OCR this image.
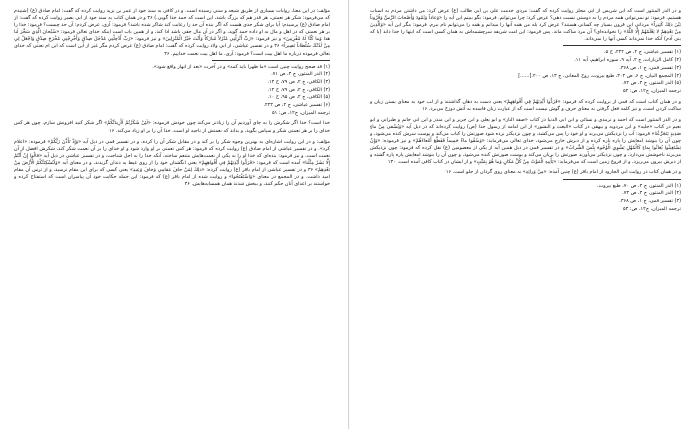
مؤلف: در این معنا، روایات بسیاری از طریق شیعه و سنی رسیده است. و در کافی به سند خود از عمر بن یزید روایت کرده که گفت: امام صادق (ع) (شنیدم که می‌فرمود: شکر هر نعمتی، هر قدر هم که بزرگ باشد، این است که حمد خدا گویی.) ۳۶ و در همان کتاب به سند خود از ابی بصیر روایت کرده که گفت: از امام صادق (ع) پرسیدم: آیا برای شکر حدی هست که اگر بنده آن حد را رعایت کند شاکر شده باشد؟ فرمود: آری، عرض کردم: آن حد چیست؟ فرمود: خدا را بر هر نعمتی که در اهل و مال به او داده حمد گوید، و اگر در آن مال حقی باشد ادا کند، و از همین باب است اینکه خدای تعالی فرمود: «سُبْحانَ الَّذِي سَخَّرَ لَنا هذا وَما كُنَّا لَهُ مُقْرِنِينَ» و نیز فرمود: «رَبِّ أَنْزِلْنِي مُنْزَلاً مُبارَكاً وَأَنْتَ خَيْرُ الْمُنْزِلِينَ» و نیز فرمود: «رَبِّ أَدْخِلْنِي مُدْخَلَ صِدْقٍ وَأَخْرِجْنِي مُخْرَجَ صِدْقٍ وَاجْعَلْ لِي مِنْ لَدُنْكَ سُلْطاناً نَصِيراً» ۳۶ و در تفسیر عیاشی، از ابی ولاد روایت کرده که گفت: امام صادق (ع) عرض کردم مگر غیر از این است که ابن ام تعنتی که خدای تعالی فرموده درباره ما اهل بیت است؟ فرمود: آری، ما اهل بیت نعمت خداییم. ۳۶

(۱) قد صحح روایت چنین است «ما ظهرا باید کمه» و در آخرت «بعد از انهار واقع شود».
(۲) الدر المنثور، ج ۴، ص ۷۱.
(۳) الکافی، ج ۲، ص ۷۹، ح ۱۴.
(۴) الکافی، ج ۲، ص ۷۹، ح ۱۲.
(۵) الکافی، ج ۲، ص ۹۵، ح ۱۰.
(۶) تفسیر عیاشی، ج ۲، ص ۲۲۳.
ترجمه المیزان، ج۱۲، ص: ۵۱

خدا است؟ خدا اگر شکرش را به جای آوردیم آن را زیادتر می‌کند چون خودش فرموده: «لَئِنْ شَكَرْتُمْ لَأَزِيدَنَّكُمْ» اگر شکر کنید افزونش سازم. چون هر کس خدای را بر هر نعمتی شکر و سپاس بگوید، و بداند که نعمتش از ناحیه او است، خدا آن را بر او زیاد می‌کند. ۱۶

مؤلف: و در این روایت اشاره‌ای به بهترین وجوه شکر را بر کند و در مقابل شکر آن را کرده، و در تفسیر قمی در ذیل آیه «وَإِذْ تَأَذَّنَ رَبُّكُمْ» فرموده: «اعلام کرد». و در تفسیر عیاشی از امام صادق (ع) روایت کرده که فرمود: هر کس نعمتی بر او وارد شود و او خدای را بر آن نعمت شکر کند، شکرش افضل از آن نعمت است، و نیز فرمود: بنده‌ای که خدا او را به یکی از نعمت‌هایش متنعم ساخته، آنکه خدا را به اجل شناخت، و در تفسیر عیاشی در ذیل آیه «قالُوا إِنْ أَنْتُمْ إِلَّا بَشَرٌ مِثْلُنا» آمده است که فرمود: «فَرَدُّوا أَيْدِيَهُمْ فِي أَفْواهِهِمْ» یعنی انگشتان خود را از روی غیظ به دندان گزیدند، و در معنای آیه «وَلَنُسْكِنَنَّكُمُ الْأَرْضَ مِنْ بَعْدِهِمْ» ۳۶ و در تفسیر عیاشی از امام باقر (ع) روایت کرده: «ذلِكَ لِمَنْ خافَ مَقامِي وَخافَ وَعِيدِ» یعنی کسی که برای این مقام ترسید، و از ترس آن مقام امید داشت. و در المجمع در معنای «وَاسْتَفْتَحُوا» و روایت شده از امام باقر (ع) که فرمود: این جمله حکایت خود آن پیامبران است که استفتاح کرده و خواستند بر اعدای آنان حکم کنند، و ببخش شدند همان همسایه‌هایش. ۳۶

و در الدر المنثور است که ابن شریس از ابی مجلز روایت کرده که گفت: مردی خدمت علی بن ابی طالب (ع) عرض کرد: من داشتن مردم به اسباب هستیم، فرمود: تو نمی‌توانی همه مردم را به دوستی نسبت دهی؟ عرض کرد: چرا می‌توانم. فرمود: بگو ببینم این آیه را «وَعاداً وَثَمُودَ وَأَصْحابَ الرَّسِّ وَقُرُوناً بَيْنَ ذلِكَ كَثِيراً» مردانی این قرون بسیار چه کسانی هستند؟ عرض کرد بله من همه آنها را میدانم و همه را می‌توانم نام ببرم. فرمود: مگر این آیه «وَالَّذِينَ مِنْ بَعْدِهِمْ لا يَعْلَمُهُمْ إِلَّا اللَّهُ» را نخوانده‌ای؟ آن مرد ساکت ماند. پس فرمود: این امت شریفه سرچشمه‌اش به همان کسی است که اینها را خدا داند (یا که بنی آدم) آنکه خدا نمی‌داند کسی آنها را نمی‌داند.

(۱) تفسیر عیاشی، ج ۲، ص ۲۲۲، ح ۵.
(۲) کامل الزیارات، ج ۲، آیه ۹، سوره ابراهیم، آیه ۱۱.
(۳) تفسیر قمی، ج ۱، ص ۳۶۸.
(۴) المجمع البیان، ج ۶، ص ۳۰۴، طبع بیروت، روح المعانی، ج ۱۳، ص ۲۰۰.[......]
(۵) الدر المنثور، ج ۴، ص ۷۲.
ترجمه المیزان، ج۱۲، ص: ۵۲

و در همان کتاب است که قمی از بروایت کرده که فرمود: «فَرَدُّوا أَيْدِيَهُمْ فِي أَفْواهِهِمْ» یعنی دست به دهان گذاشتند و از لب خود به معنای بستن زبان و ساکت کردن است، و نیز کلمه فعل گرفتن به معنای حرف و گوش نیست است که از عبارت زبان فاسده به آتش دوزخ می‌برد. ۱۶

و در الدر المنثور است که احمد و ترمذی و نسائی و ابن ابی الدنیا در کتاب «صفة النار» و ابو یعلی و ابن جریر و ابن منذر و ابن ابی حاتم و طبرانی و ابو نعیم در کتاب «حلیه» و ابن مردویه و بیهقی در کتاب «البعث و النشور» از ابن امامه از رسول خدا (ص) روایت کرده‌اند که در ذیل آیه «وَيُسْقى مِنْ ماءٍ صَدِيدٍ يَتَجَرَّعُهُ» فرمود: آب را نزدیکش می‌برند و او خود را پس می‌کشد، و چون نزدیکتر برده شود صورتش را کباب می‌کند و پوست سرش کنده می‌شود، و چون آن را بنوشد امعایش را پاره پاره کرده و از دبرش خارج می‌شود، خدای تعالی می‌فرماید: «وَسُقُوا ماءً حَمِيماً فَقَطَّعَ أَمْعاءَهُمْ» و نیز فرموده: «وَإِنْ يَسْتَغِيثُوا يُغاثُوا بِماءٍ كَالْمُهْلِ يَشْوِي الْوُجُوهَ بِئْسَ الشَّرابُ» و در تفسیر قمی در ذیل همین آیه از یکی از معصومین (ع) نقل کرده که فرمود: چون نزدیکش می‌برند ناخوشش می‌دارد، و چون نزدیکتر می‌آورند صورتش را بریان می‌کند و پوست صورتش کنده می‌شود، و چون آن را بنوشد امعایش پاره پاره گشته و از دبرش بیرون می‌ریزد، و از فروع زمین است که می‌فرماید: «يَأْتِيهِ الْمَوْتُ مِنْ كُلِّ مَكانٍ وَما هُوَ بِمَيِّتٍ» و از ایشان در کتاب کافی آمده است. ۱۳۰

و در همان کتاب در روایت ابی الجارود از امام باقر (ع) چنین آمده: «مِنْ وَرائِهِ» به معنای روی گردان از جلو است. ۱۶

(۱) الدر المنثور، ج ۴، ص ۷۰، طبع بیروت.
(۲) الدر المنثور، ج ۴، ص ۷۳.
(۳) تفسیر قمی، ج ۱، ص ۳۶۸.
ترجمه المیزان، ج۱۲، ص: ۵۳
